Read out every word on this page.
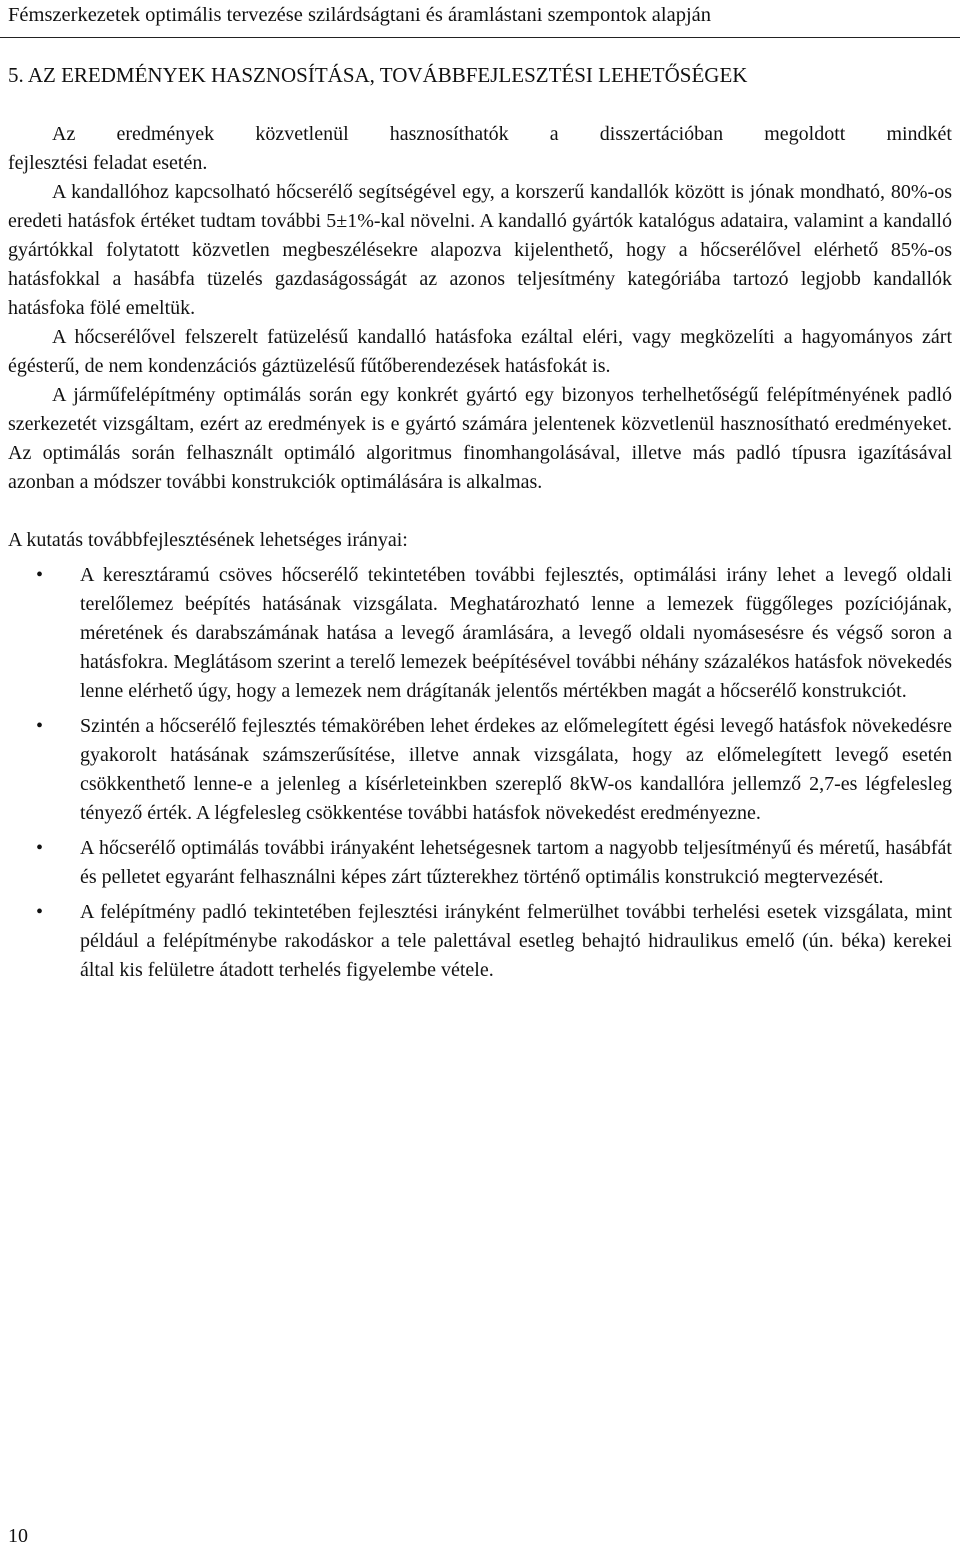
Fémszerkezetek optimális tervezése szilárdságtani és áramlástani szempontok alapján
5. AZ EREDMÉNYEK HASZNOSÍTÁSA, TOVÁBBFEJLESZTÉSI LEHETŐSÉGEK

Az eredmények közvetlenül hasznosíthatók a disszertációban megoldott mindkét

fejlesztési feladat esetén.

A kandallóhoz kapcsolható hőcserélő segítségével egy, a korszerű kandallók között is jónak mondható, 80%-os eredeti hatásfok értéket tudtam további 5±1%-kal növelni. A kandalló gyártók katalógus adataira, valamint a kandalló gyártókkal folytatott közvetlen megbeszélésekre alapozva kijelenthető, hogy a hőcserélővel elérhető 85%-os hatásfokkal a hasábfa tüzelés gazdaságosságát az azonos teljesítmény kategóriába tartozó legjobb kandallók hatásfoka fölé emeltük.

A hőcserélővel felszerelt fatüzelésű kandalló hatásfoka ezáltal eléri, vagy megközelíti a hagyományos zárt égésterű, de nem kondenzációs gáztüzelésű fűtőberendezések hatásfokát is.

A járműfelépítmény optimálás során egy konkrét gyártó egy bizonyos terhelhetőségű felépítményének padló szerkezetét vizsgáltam, ezért az eredmények is e gyártó számára jelentenek közvetlenül hasznosítható eredményeket. Az optimálás során felhasznált optimáló algoritmus finomhangolásával, illetve más padló típusra igazításával azonban a módszer további konstrukciók optimálására is alkalmas.

A kutatás továbbfejlesztésének lehetséges irányai:

• A keresztáramú csöves hőcserélő tekintetében további fejlesztés, optimálási irány lehet a levegő oldali terelőlemez beépítés hatásának vizsgálata. Meghatározható lenne a lemezek függőleges pozíciójának, méretének és darabszámának hatása a levegő áramlására, a levegő oldali nyomásesésre és végső soron a hatásfokra. Meglátásom szerint a terelő lemezek beépítésével további néhány százalékos hatásfok növekedés lenne elérhető úgy, hogy a lemezek nem drágítanák jelentős mértékben magát a hőcserélő konstrukciót.
• Szintén a hőcserélő fejlesztés témakörében lehet érdekes az előmelegített égési levegő hatásfok növekedésre gyakorolt hatásának számszerűsítése, illetve annak vizsgálata, hogy az előmelegített levegő esetén csökkenthető lenne-e a jelenleg a kísérleteinkben szereplő 8kW-os kandallóra jellemző 2,7-es légfelesleg tényező érték. A légfelesleg csökkentése további hatásfok növekedést eredményezne.
• A hőcserélő optimálás további irányaként lehetségesnek tartom a nagyobb teljesítményű és méretű, hasábfát és pelletet egyaránt felhasználni képes zárt tűzterekhez történő optimális konstrukció megtervezését.
• A felépítmény padló tekintetében fejlesztési irányként felmerülhet további terhelési esetek vizsgálata, mint például a felépítménybe rakodáskor a tele palettával esetleg behajtó hidraulikus emelő (ún. béka) kerekei által kis felületre átadott terhelés figyelembe vétele.
10
